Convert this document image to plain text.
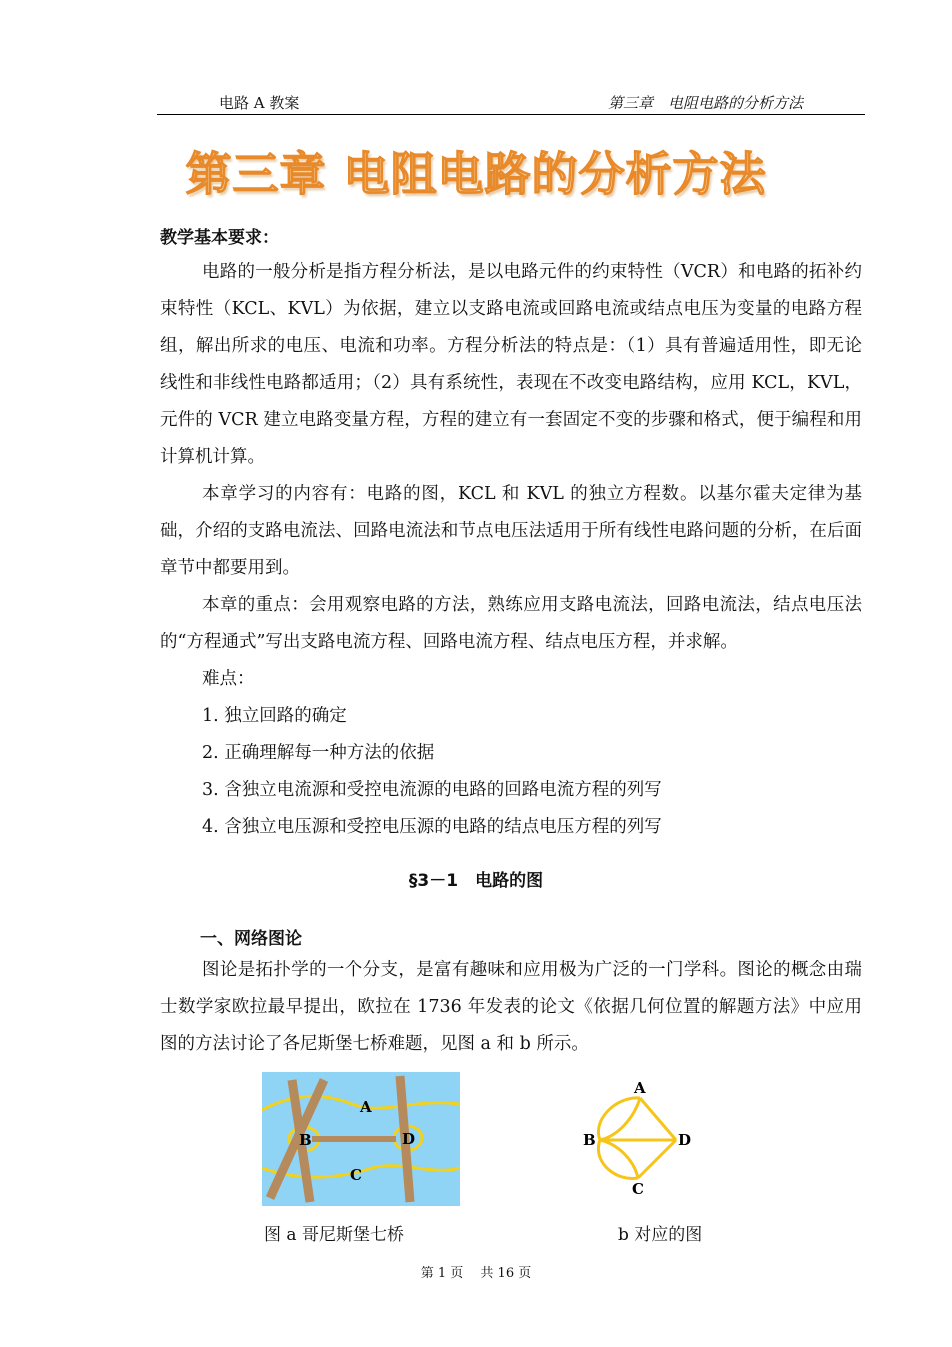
电路 A 教案	第三章　电阻电路的分析方法
第三章 电阻电路的分析方法
教学基本要求：

电路的一般分析是指方程分析法，是以电路元件的约束特性（VCR）和电路的拓补约束特性（KCL、KVL）为依据，建立以支路电流或回路电流或结点电压为变量的电路方程组，解出所求的电压、电流和功率。方程分析法的特点是：（1）具有普遍适用性，即无论线性和非线性电路都适用；（2）具有系统性，表现在不改变电路结构，应用 KCL，KVL，元件的 VCR 建立电路变量方程，方程的建立有一套固定不变的步骤和格式，便于编程和用计算机计算。

本章学习的内容有：电路的图，KCL 和 KVL 的独立方程数。以基尔霍夫定律为基础，介绍的支路电流法、回路电流法和节点电压法适用于所有线性电路问题的分析，在后面章节中都要用到。

本章的重点：会用观察电路的方法，熟练应用支路电流法，回路电流法，结点电压法的“方程通式”写出支路电流方程、回路电流方程、结点电压方程，并求解。

难点：

1. 独立回路的确定

2. 正确理解每一种方法的依据

3. 含独立电流源和受控电流源的电路的回路电流方程的列写

4. 含独立电压源和受控电压源的电路的结点电压方程的列写

§3－1　电路的图
一、网络图论

图论是拓扑学的一个分支，是富有趣味和应用极为广泛的一门学科。图论的概念由瑞士数学家欧拉最早提出，欧拉在 1736 年发表的论文《依据几何位置的解题方法》中应用图的方法讨论了各尼斯堡七桥难题，见图 a 和 b 所示。

A
B
C
D
A
B
C
D
图 a 哥尼斯堡七桥	b 对应的图
第 1 页　 共 16 页
